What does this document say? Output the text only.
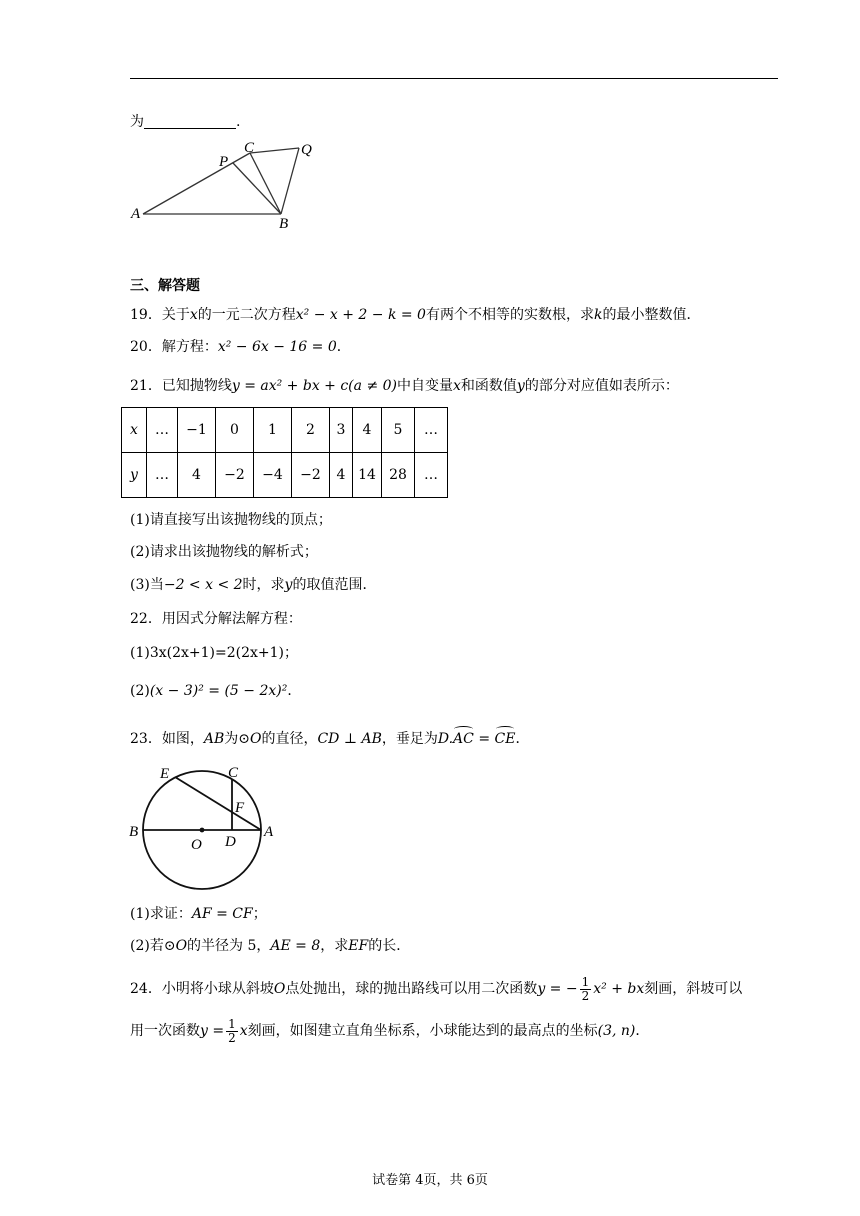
为	.
A
B
C
P
Q
三、解答题
19．关于x的一元二次方程x² − x + 2 − k = 0有两个不相等的实数根，求k的最小整数值．
20．解方程：x² − 6x − 16 = 0．
21．已知抛物线y = ax² + bx + c(a ≠ 0)中自变量x和函数值y的部分对应值如表所示：
x	…	−1	0	1	2	3	4	5	…
y	…	4	−2	−4	−2	4	14	28	…
(1)请直接写出该抛物线的顶点；
(2)请求出该抛物线的解析式；
(3)当−2 < x < 2时，求y的取值范围．
22．用因式分解法解方程：
(1)3x(2x+1)=2(2x+1)；
(2)(x − 3)² = (5 − 2x)²．
23．如图，AB为⊙O的直径，CD ⊥ AB，垂足为D.AC = CE．
E	C
F
B
O D
A
(1)求证：AF = CF；
(2)若⊙O的半径为 5，AE = 8，求EF的长．
24．小明将小球从斜坡O点处抛出，球的抛出路线可以用二次函数y = − $\frac{1}{2} x^2$ + bx刻画，斜坡可以
用一次函数$y = \frac{1}{2}$ x刻画，如图建立直角坐标系，小球能达到的最高点的坐标(3, n)．
试卷第 4页，共 6页
